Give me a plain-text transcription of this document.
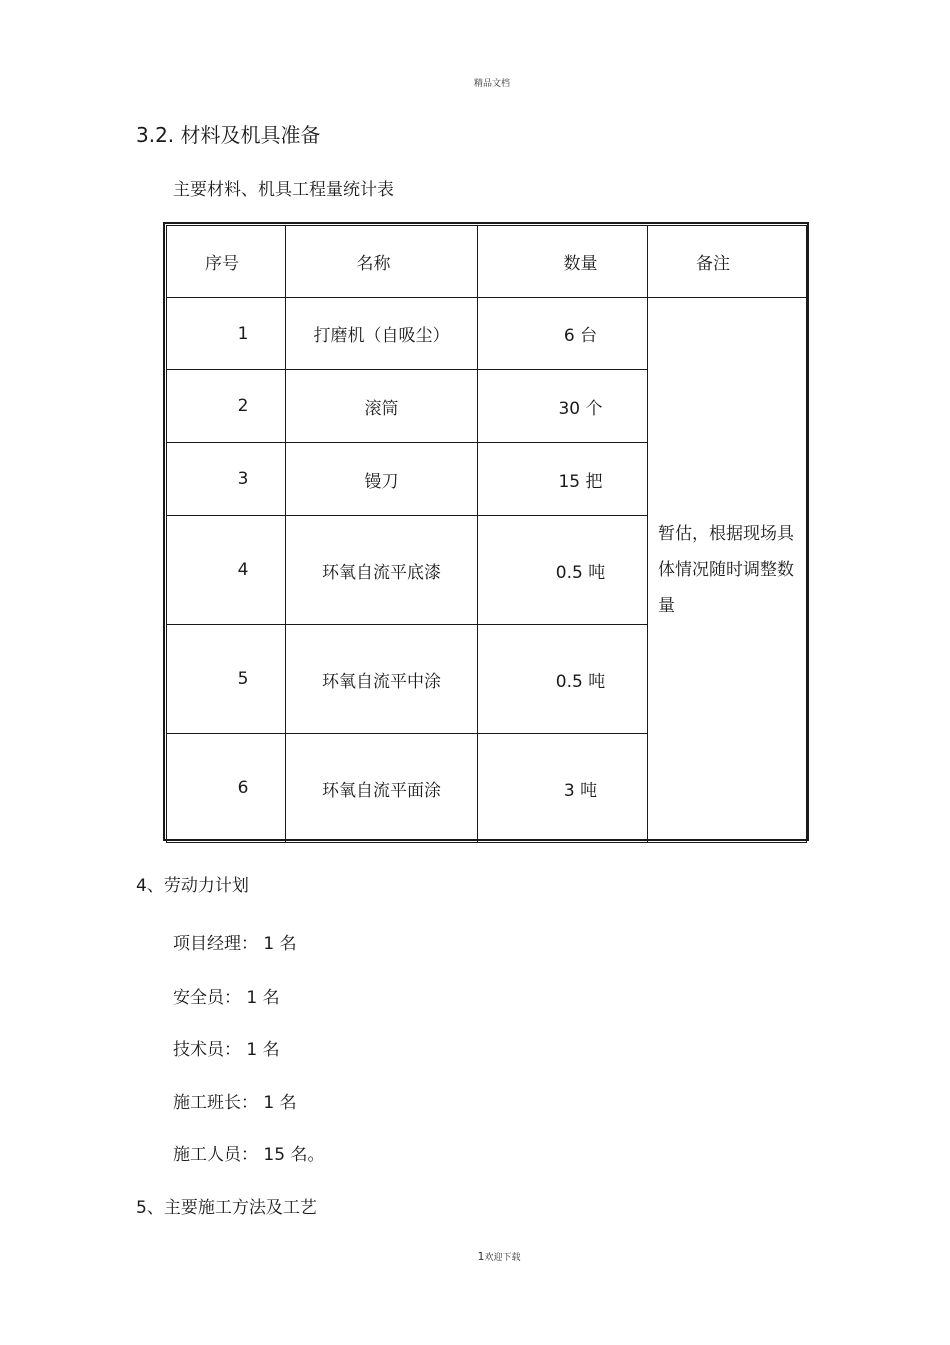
精品文档
3.2. 材料及机具准备
主要材料、机具工程量统计表
序号	名称	数量	备注
1	打磨机（自吸尘）	6 台	暂估，根据现场具体情况随时调整数量
2	滚筒	30 个	
3	镘刀	15 把	
4	环氧自流平底漆	0.5 吨	
5	环氧自流平中涂	0.5 吨	
6	环氧自流平面涂	3 吨	
4、劳动力计划
项目经理： 1 名
安全员： 1 名
技术员： 1 名
施工班长： 1 名
施工人员： 15 名。
5、主要施工方法及工艺
1欢迎下载
